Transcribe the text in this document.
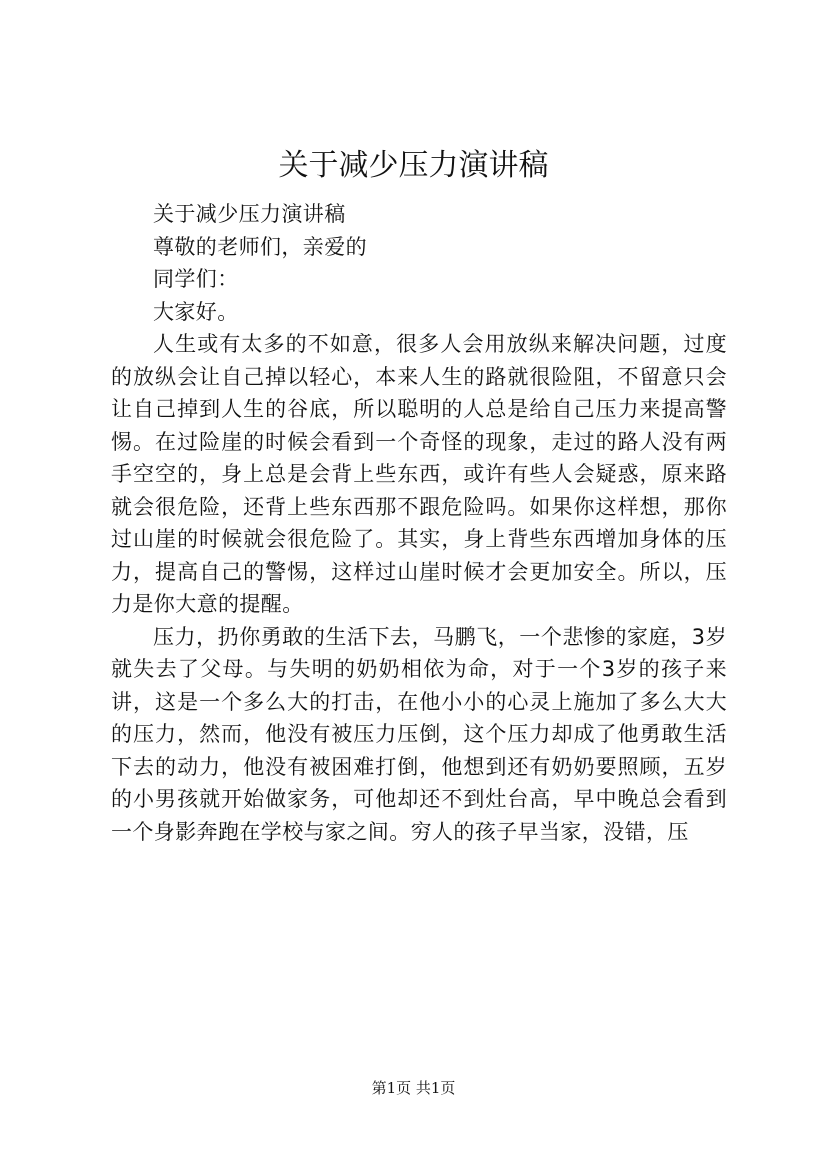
关于减少压力演讲稿

关于减少压力演讲稿

尊敬的老师们，亲爱的

同学们：

大家好。

人生或有太多的不如意，很多人会用放纵来解决问题，过度的放纵会让自己掉以轻心，本来人生的路就很险阻，不留意只会让自己掉到人生的谷底，所以聪明的人总是给自己压力来提高警惕。在过险崖的时候会看到一个奇怪的现象，走过的路人没有两手空空的，身上总是会背上些东西，或许有些人会疑惑，原来路就会很危险，还背上些东西那不跟危险吗。如果你这样想，那你过山崖的时候就会很危险了。其实，身上背些东西增加身体的压力，提高自己的警惕，这样过山崖时候才会更加安全。所以，压力是你大意的提醒。

压力，扔你勇敢的生活下去，马鹏飞，一个悲惨的家庭，3岁就失去了父母。与失明的奶奶相依为命，对于一个3岁的孩子来讲，这是一个多么大的打击，在他小小的心灵上施加了多么大大的压力，然而，他没有被压力压倒，这个压力却成了他勇敢生活下去的动力，他没有被困难打倒，他想到还有奶奶要照顾，五岁的小男孩就开始做家务，可他却还不到灶台高，早中晚总会看到一个身影奔跑在学校与家之间。穷人的孩子早当家，没错，压

第1页 共1页
